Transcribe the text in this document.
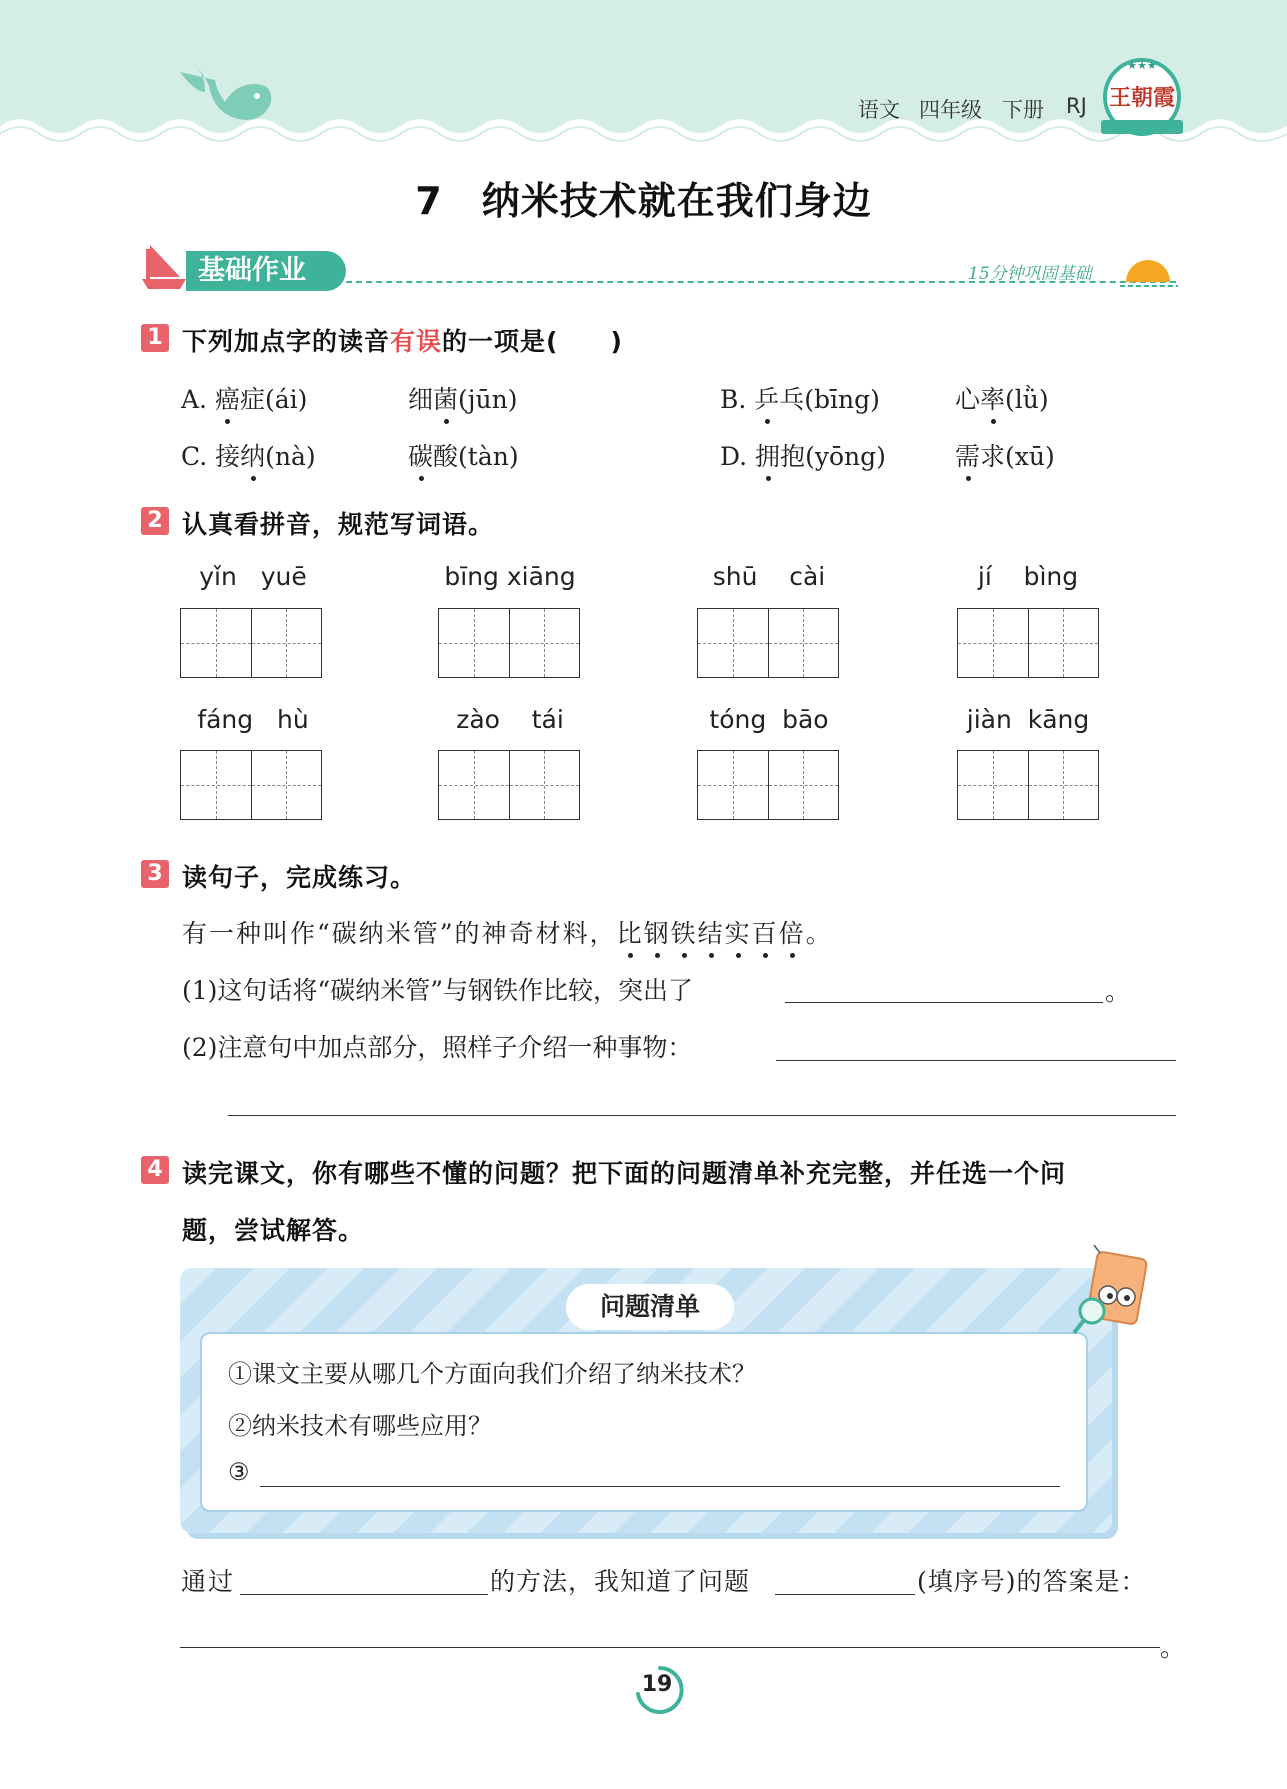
语文 四年级 下册 RJ
★★★
王朝霞
7　纳米技术就在我们身边
基础作业	15分钟巩固基础
1 下列加点字的读音有误的一项是(　　)
A. 癌症(ái)	细菌(jūn)	B. 乒乓(bīng)	心率(lǜ)
C. 接纳(nà)	碳酸(tàn)	D. 拥抱(yōng)	需求(xū)
2 认真看拼音，规范写词语。
yǐn   yuē	bīng xiāng	shū    cài	jí    bìng
fáng   hù	zào    tái	tóng  bāo	jiàn  kāng
3 读句子，完成练习。
有一种叫作“碳纳米管”的神奇材料，比钢铁结实百倍。
(1)这句话将“碳纳米管”与钢铁作比较，突出了	。
(2)注意句中加点部分，照样子介绍一种事物：
4 读完课文，你有哪些不懂的问题？把下面的问题清单补充完整，并任选一个问
题，尝试解答。
问题清单
①课文主要从哪几个方面向我们介绍了纳米技术？
②纳米技术有哪些应用？
③
通过	的方法，我知道了问题	(填序号)的答案是：
。
19
